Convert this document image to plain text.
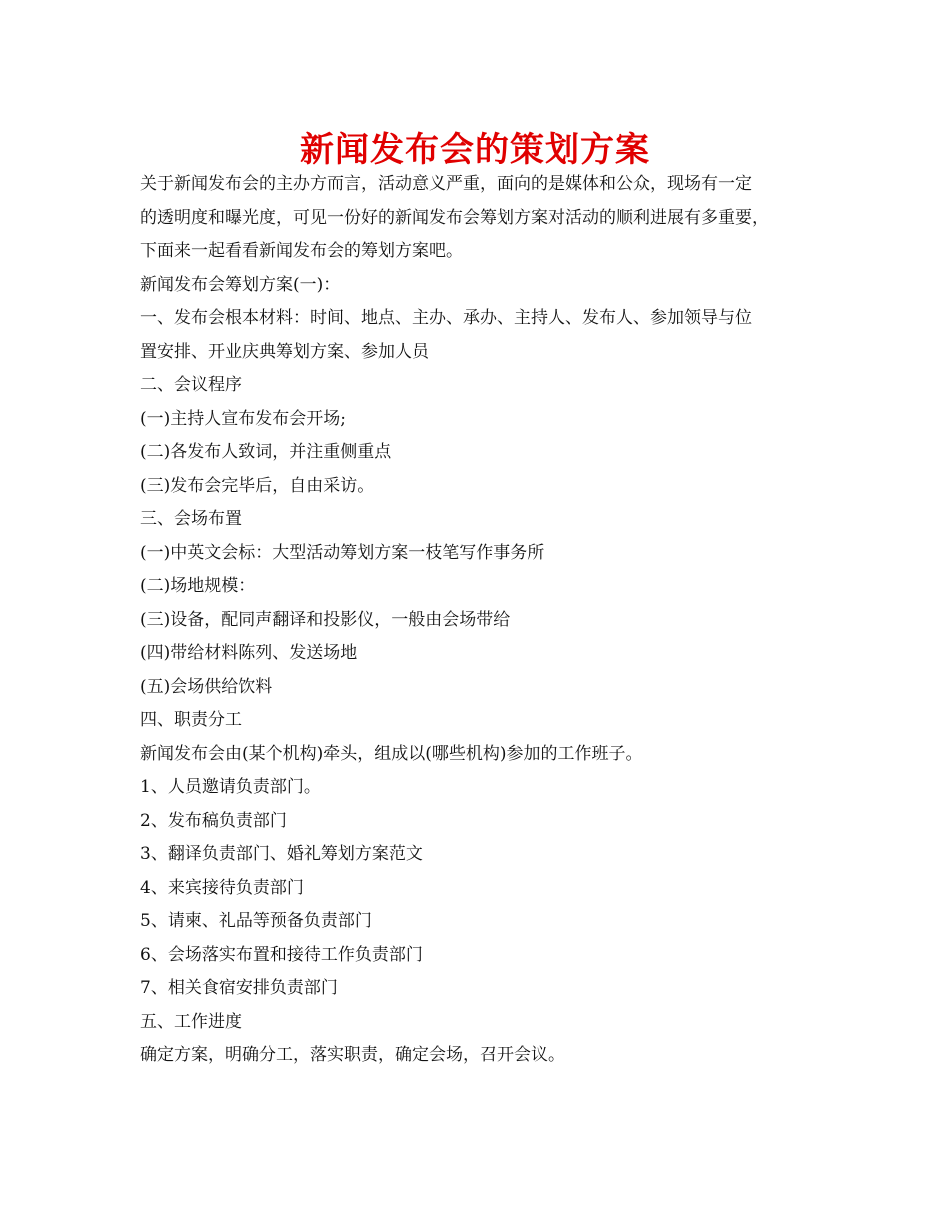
新闻发布会的策划方案

关于新闻发布会的主办方而言，活动意义严重，面向的是媒体和公众，现场有一定

的透明度和曝光度，可见一份好的新闻发布会筹划方案对活动的顺利进展有多重要，

下面来一起看看新闻发布会的筹划方案吧。

新闻发布会筹划方案(一)：

一、发布会根本材料：时间、地点、主办、承办、主持人、发布人、参加领导与位

置安排、开业庆典筹划方案、参加人员

二、会议程序

(一)主持人宣布发布会开场;

(二)各发布人致词，并注重侧重点

(三)发布会完毕后，自由采访。

三、会场布置

(一)中英文会标：大型活动筹划方案一枝笔写作事务所

(二)场地规模：

(三)设备，配同声翻译和投影仪，一般由会场带给

(四)带给材料陈列、发送场地

(五)会场供给饮料

四、职责分工

新闻发布会由(某个机构)牵头，组成以(哪些机构)参加的工作班子。

1、人员邀请负责部门。

2、发布稿负责部门

3、翻译负责部门、婚礼筹划方案范文

4、来宾接待负责部门

5、请柬、礼品等预备负责部门

6、会场落实布置和接待工作负责部门

7、相关食宿安排负责部门

五、工作进度

确定方案，明确分工，落实职责，确定会场，召开会议。
